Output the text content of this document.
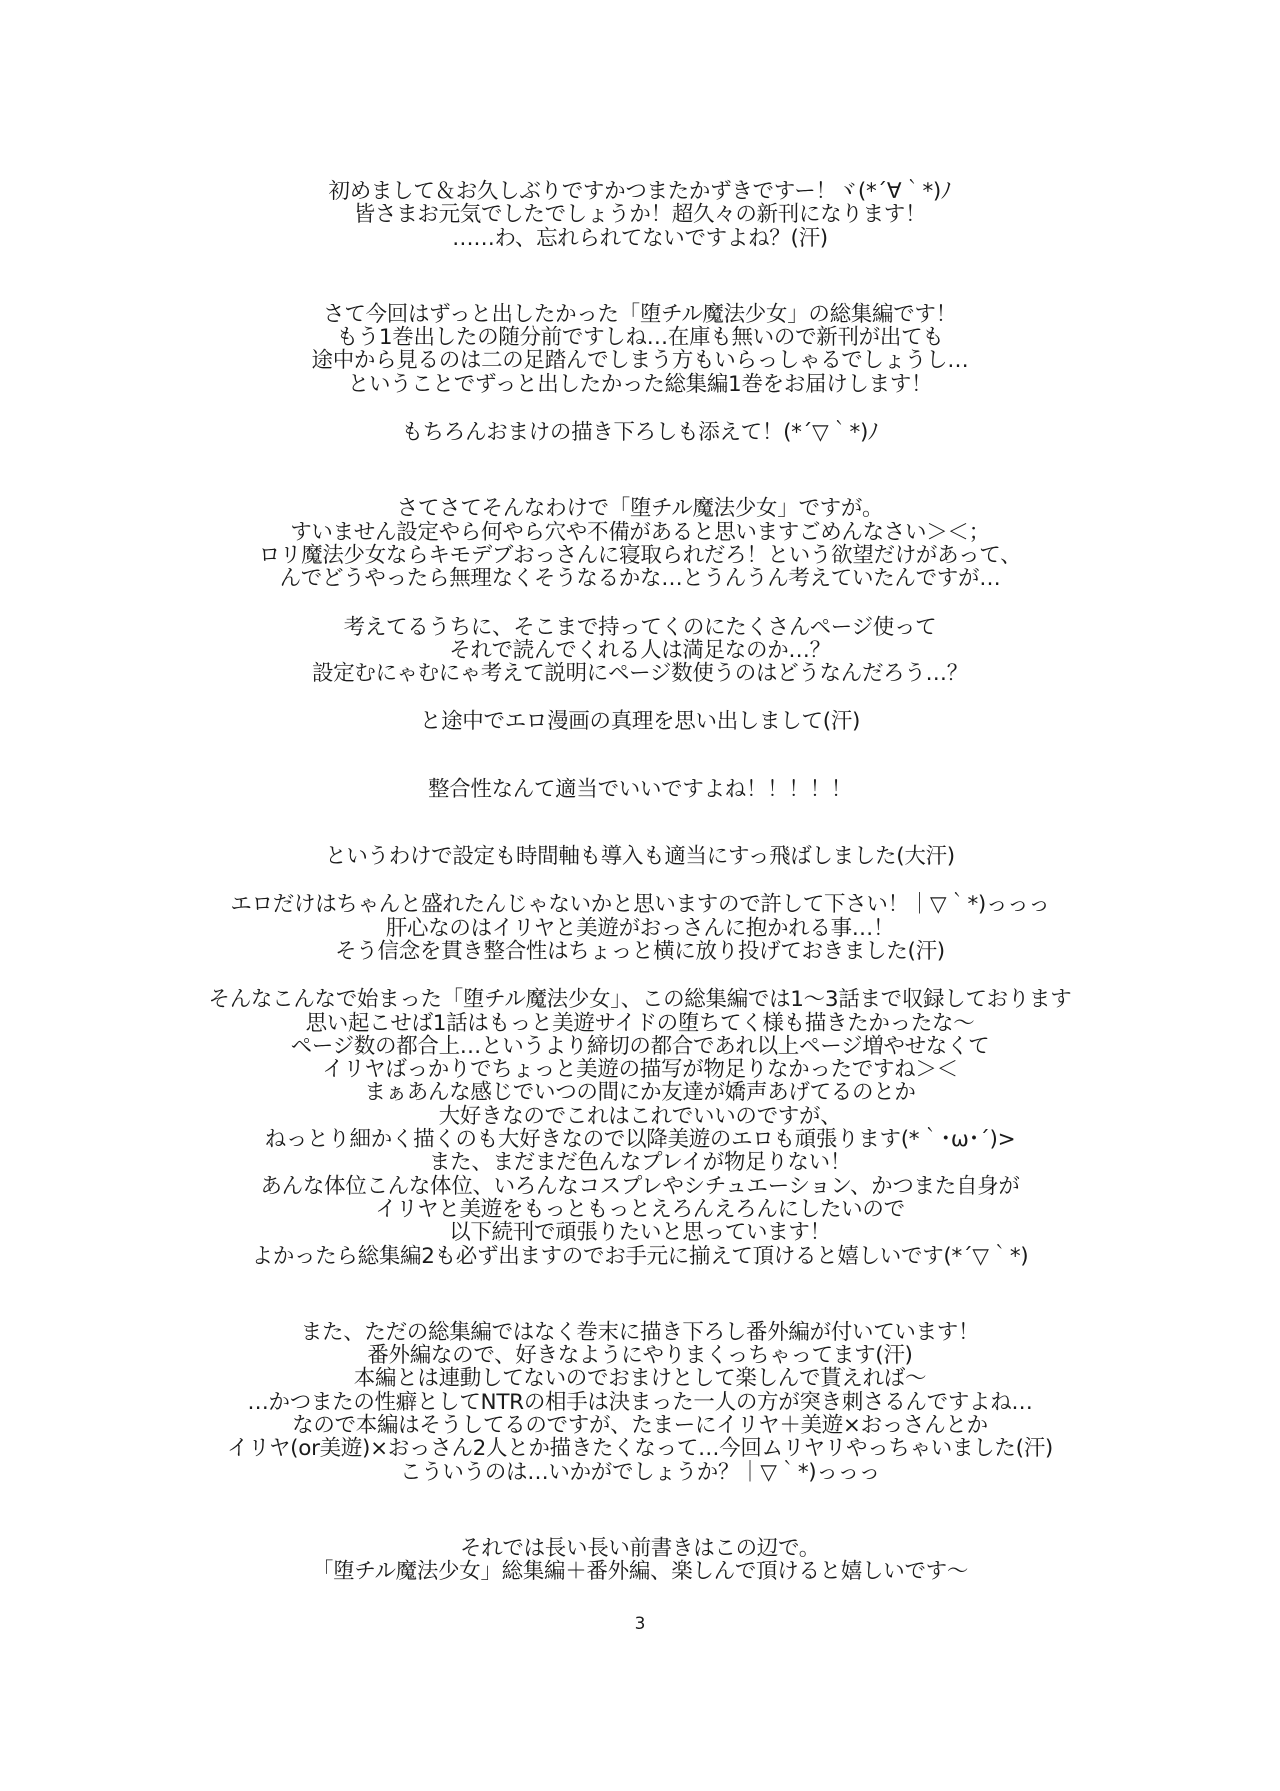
初めまして＆お久しぶりですかつまたかずきですー！ヾ(*´∀｀*)ﾉ
皆さまお元気でしたでしょうか！超久々の新刊になります！
……わ、忘れられてないですよね？(汗)

さて今回はずっと出したかった「堕チル魔法少女」の総集編です！
もう1巻出したの随分前ですしね…在庫も無いので新刊が出ても
途中から見るのは二の足踏んでしまう方もいらっしゃるでしょうし…
ということでずっと出したかった総集編1巻をお届けします！

もちろんおまけの描き下ろしも添えて！(*´▽｀*)ﾉ

さてさてそんなわけで「堕チル魔法少女」ですが。
すいません設定やら何やら穴や不備があると思いますごめんなさい＞＜；
ロリ魔法少女ならキモデブおっさんに寝取られだろ！という欲望だけがあって、
んでどうやったら無理なくそうなるかな…とうんうん考えていたんですが…

考えてるうちに、そこまで持ってくのにたくさんページ使って
それで読んでくれる人は満足なのか…？
設定むにゃむにゃ考えて説明にページ数使うのはどうなんだろう…？

と途中でエロ漫画の真理を思い出しまして(汗)

整合性なんて適当でいいですよね！！！！！

というわけで設定も時間軸も導入も適当にすっ飛ばしました(大汗)

エロだけはちゃんと盛れたんじゃないかと思いますので許して下さい！｜▽｀*)っっっ
肝心なのはイリヤと美遊がおっさんに抱かれる事…！
そう信念を貫き整合性はちょっと横に放り投げておきました(汗)

そんなこんなで始まった「堕チル魔法少女」、この総集編では1〜3話まで収録しております
思い起こせば1話はもっと美遊サイドの堕ちてく様も描きたかったな〜
ページ数の都合上…というより締切の都合であれ以上ページ増やせなくて
イリヤばっかりでちょっと美遊の描写が物足りなかったですね＞＜
まぁあんな感じでいつの間にか友達が嬌声あげてるのとか
大好きなのでこれはこれでいいのですが、
ねっとり細かく描くのも大好きなので以降美遊のエロも頑張ります(*｀･ω･´)>
また、まだまだ色んなプレイが物足りない！
あんな体位こんな体位、いろんなコスプレやシチュエーション、かつまた自身が
イリヤと美遊をもっともっとえろんえろんにしたいので
以下続刊で頑張りたいと思っています！
よかったら総集編2も必ず出ますのでお手元に揃えて頂けると嬉しいです(*´▽｀*)

また、ただの総集編ではなく巻末に描き下ろし番外編が付いています！
番外編なので、好きなようにやりまくっちゃってます(汗)
本編とは連動してないのでおまけとして楽しんで貰えれば〜
…かつまたの性癖としてNTRの相手は決まった一人の方が突き刺さるんですよね…
なので本編はそうしてるのですが、たまーにイリヤ＋美遊×おっさんとか
イリヤ(or美遊)×おっさん2人とか描きたくなって…今回ムリヤリやっちゃいました(汗)
こういうのは…いかがでしょうか？｜▽｀*)っっっ

それでは長い長い前書きはこの辺で。
「堕チル魔法少女」総集編＋番外編、楽しんで頂けると嬉しいです〜

3
